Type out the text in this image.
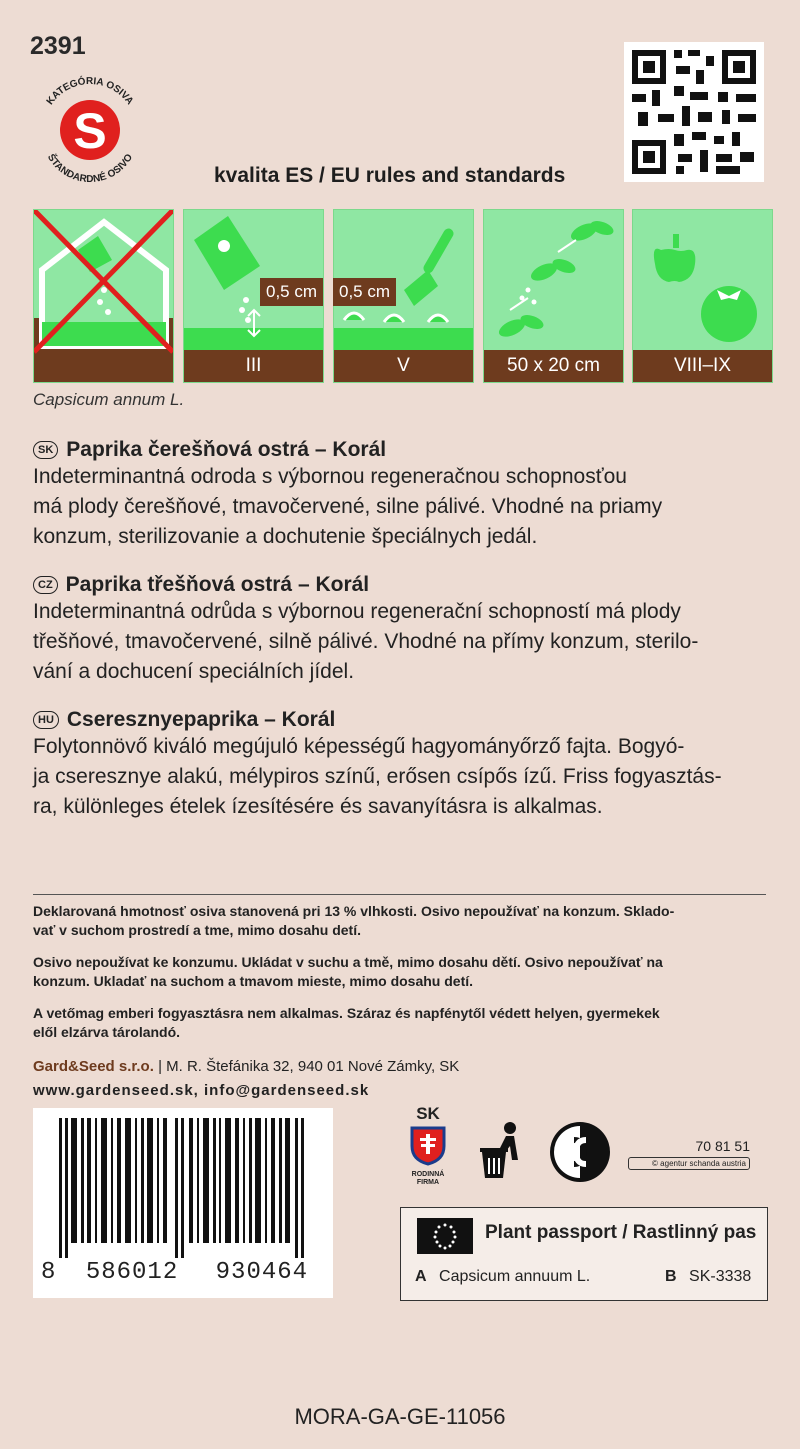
2391
KATEGÓRIA OSIVA
ŠTANDARDNÉ OSIVO
S
kvalita ES / EU rules and standards
III
0,5 cm
V
0,5 cm
50 x 20 cm	VIII–IX
Capsicum annum L.
SK Paprika čerešňová ostrá – Korál
Indeterminantná odroda s výbornou regeneračnou schopnosťou
má plody čerešňové, tmavočervené, silne pálivé. Vhodné na priamy
konzum, sterilizovanie a dochutenie špeciálnych jedál.
CZ Paprika třešňová ostrá – Korál
Indeterminantná odrůda s výbornou regenerační schopností má plody
třešňové, tmavočervené, silně pálivé. Vhodné na přímy konzum, sterilo-
vání a dochucení speciálních jídel.
HU Cseresznyepaprika – Korál
Folytonnövő kiváló megújuló képességű hagyományőrző fajta. Bogyó-
ja cseresznye alakú, mélypiros színű, erősen csípős ízű. Friss fogyasztás-
ra, különleges ételek ízesítésére és savanyításra is alkalmas.
Deklarovaná hmotnosť osiva stanovená pri 13 % vlhkosti. Osivo nepoužívať na konzum. Sklado-
vať v suchom prostredí a tme, mimo dosahu detí.
Osivo nepoužívat ke konzumu. Ukládat v suchu a tmě, mimo dosahu dětí. Osivo nepoužívať na
konzum. Ukladať na suchom a tmavom mieste, mimo dosahu detí.
A vetőmag emberi fogyasztásra nem alkalmas. Száraz és napfénytől védett helyen, gyermekek
elől elzárva tárolandó.
Gard&Seed s.r.o. | M. R. Štefánika 32, 940 01 Nové Zámky, SK
www.gardenseed.sk, info@gardenseed.sk
8 586012 930464
SK
RODINNÁ
FIRMA
70 81 51
© agentur schanda austria
Plant passport / Rastlinný pas
A Capsicum annuum L.	B SK-3338
MORA-GA-GE-11056
